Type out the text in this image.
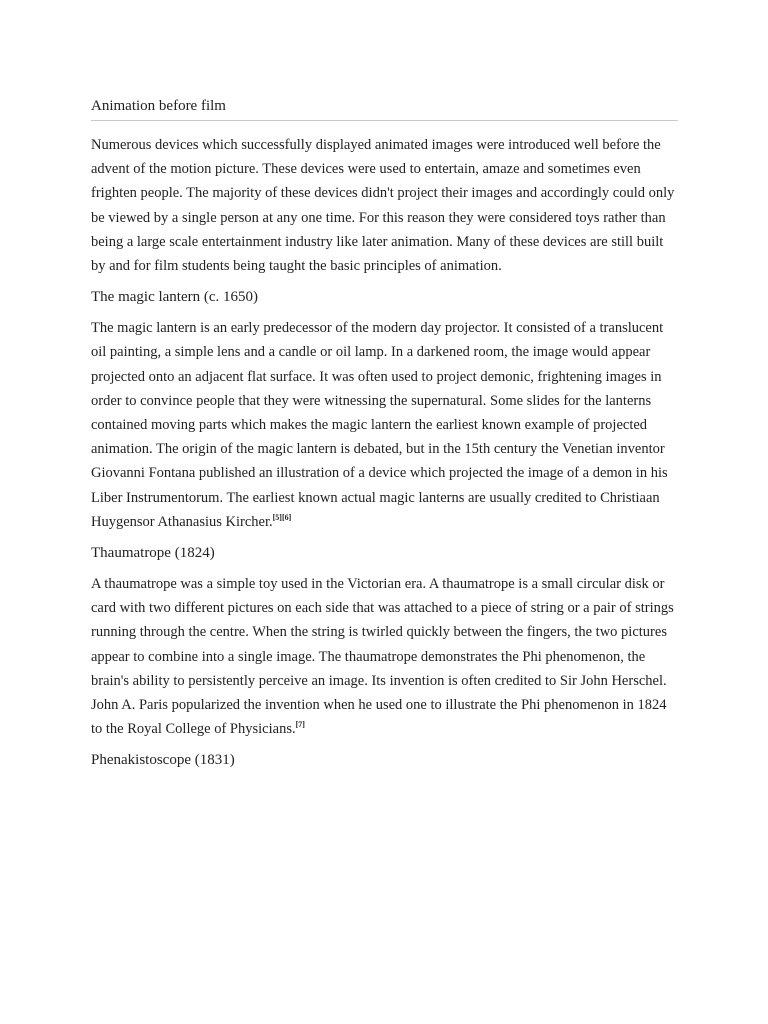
Animation before film

Numerous devices which successfully displayed animated images were introduced well before the advent of the motion picture. These devices were used to entertain, amaze and sometimes even frighten people. The majority of these devices didn't project their images and accordingly could only be viewed by a single person at any one time. For this reason they were considered toys rather than being a large scale entertainment industry like later animation. Many of these devices are still built by and for film students being taught the basic principles of animation.

The magic lantern (c. 1650)

The magic lantern is an early predecessor of the modern day projector. It consisted of a translucent oil painting, a simple lens and a candle or oil lamp. In a darkened room, the image would appear projected onto an adjacent flat surface. It was often used to project demonic, frightening images in order to convince people that they were witnessing the supernatural. Some slides for the lanterns contained moving parts which makes the magic lantern the earliest known example of projected animation. The origin of the magic lantern is debated, but in the 15th century the Venetian inventor Giovanni Fontana published an illustration of a device which projected the image of a demon in his Liber Instrumentorum. The earliest known actual magic lanterns are usually credited to Christiaan Huygensor Athanasius Kircher.[5][6]

Thaumatrope (1824)

A thaumatrope was a simple toy used in the Victorian era. A thaumatrope is a small circular disk or card with two different pictures on each side that was attached to a piece of string or a pair of strings running through the centre. When the string is twirled quickly between the fingers, the two pictures appear to combine into a single image. The thaumatrope demonstrates the Phi phenomenon, the brain's ability to persistently perceive an image. Its invention is often credited to Sir John Herschel. John A. Paris popularized the invention when he used one to illustrate the Phi phenomenon in 1824 to the Royal College of Physicians.[7]

Phenakistoscope (1831)
